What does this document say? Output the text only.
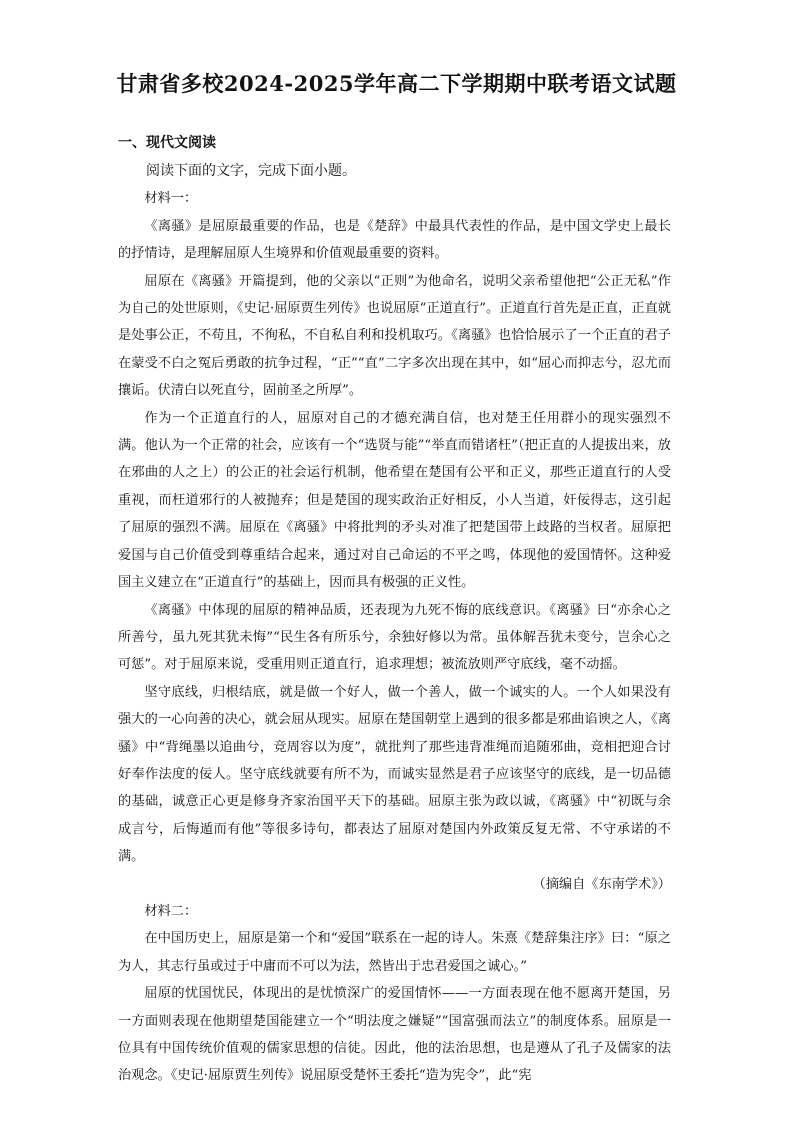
甘肃省多校2024-2025学年高二下学期期中联考语文试题
一、现代文阅读

阅读下面的文字，完成下面小题。

材料一：

《离骚》是屈原最重要的作品，也是《楚辞》中最具代表性的作品，是中国文学史上最长的抒情诗，是理解屈原人生境界和价值观最重要的资料。

屈原在《离骚》开篇提到，他的父亲以“正则”为他命名，说明父亲希望他把“公正无私”作为自己的处世原则，《史记·屈原贾生列传》也说屈原“正道直行”。正道直行首先是正直，正直就是处事公正，不苟且，不徇私，不自私自利和投机取巧。《离骚》也恰恰展示了一个正直的君子在蒙受不白之冤后勇敢的抗争过程，“正”“直”二字多次出现在其中，如“屈心而抑志兮，忍尤而攘诟。伏清白以死直兮，固前圣之所厚”。

作为一个正道直行的人，屈原对自己的才德充满自信，也对楚王任用群小的现实强烈不满。他认为一个正常的社会，应该有一个“选贤与能”“举直而错诸枉”（把正直的人提拔出来，放在邪曲的人之上）的公正的社会运行机制，他希望在楚国有公平和正义，那些正道直行的人受重视，而枉道邪行的人被抛弃；但是楚国的现实政治正好相反，小人当道，奸佞得志，这引起了屈原的强烈不满。屈原在《离骚》中将批判的矛头对准了把楚国带上歧路的当权者。屈原把爱国与自己价值受到尊重结合起来，通过对自己命运的不平之鸣，体现他的爱国情怀。这种爱国主义建立在“正道直行”的基础上，因而具有极强的正义性。

《离骚》中体现的屈原的精神品质，还表现为九死不悔的底线意识。《离骚》曰“亦余心之所善兮，虽九死其犹未悔”“民生各有所乐兮，余独好修以为常。虽体解吾犹未变兮，岂余心之可惩”。对于屈原来说，受重用则正道直行，追求理想；被流放则严守底线，毫不动摇。

坚守底线，归根结底，就是做一个好人，做一个善人，做一个诚实的人。一个人如果没有强大的一心向善的决心，就会屈从现实。屈原在楚国朝堂上遇到的很多都是邪曲谄谀之人，《离骚》中“背绳墨以追曲兮，竞周容以为度”，就批判了那些违背准绳而追随邪曲，竞相把迎合讨好奉作法度的佞人。坚守底线就要有所不为，而诚实显然是君子应该坚守的底线，是一切品德的基础，诚意正心更是修身齐家治国平天下的基础。屈原主张为政以诚，《离骚》中“初既与余成言兮，后悔遁而有他”等很多诗句，都表达了屈原对楚国内外政策反复无常、不守承诺的不满。

（摘编自《东南学术》）

材料二：

在中国历史上，屈原是第一个和“爱国”联系在一起的诗人。朱熹《楚辞集注序》曰：“原之为人，其志行虽或过于中庸而不可以为法，然皆出于忠君爱国之诚心。”

屈原的忧国忧民，体现出的是忧愤深广的爱国情怀——一方面表现在他不愿离开楚国，另一方面则表现在他期望楚国能建立一个“明法度之嫌疑”“国富强而法立”的制度体系。屈原是一位具有中国传统价值观的儒家思想的信徒。因此，他的法治思想，也是遵从了孔子及儒家的法治观念。《史记·屈原贾生列传》说屈原受楚怀王委托“造为宪令”，此“宪
